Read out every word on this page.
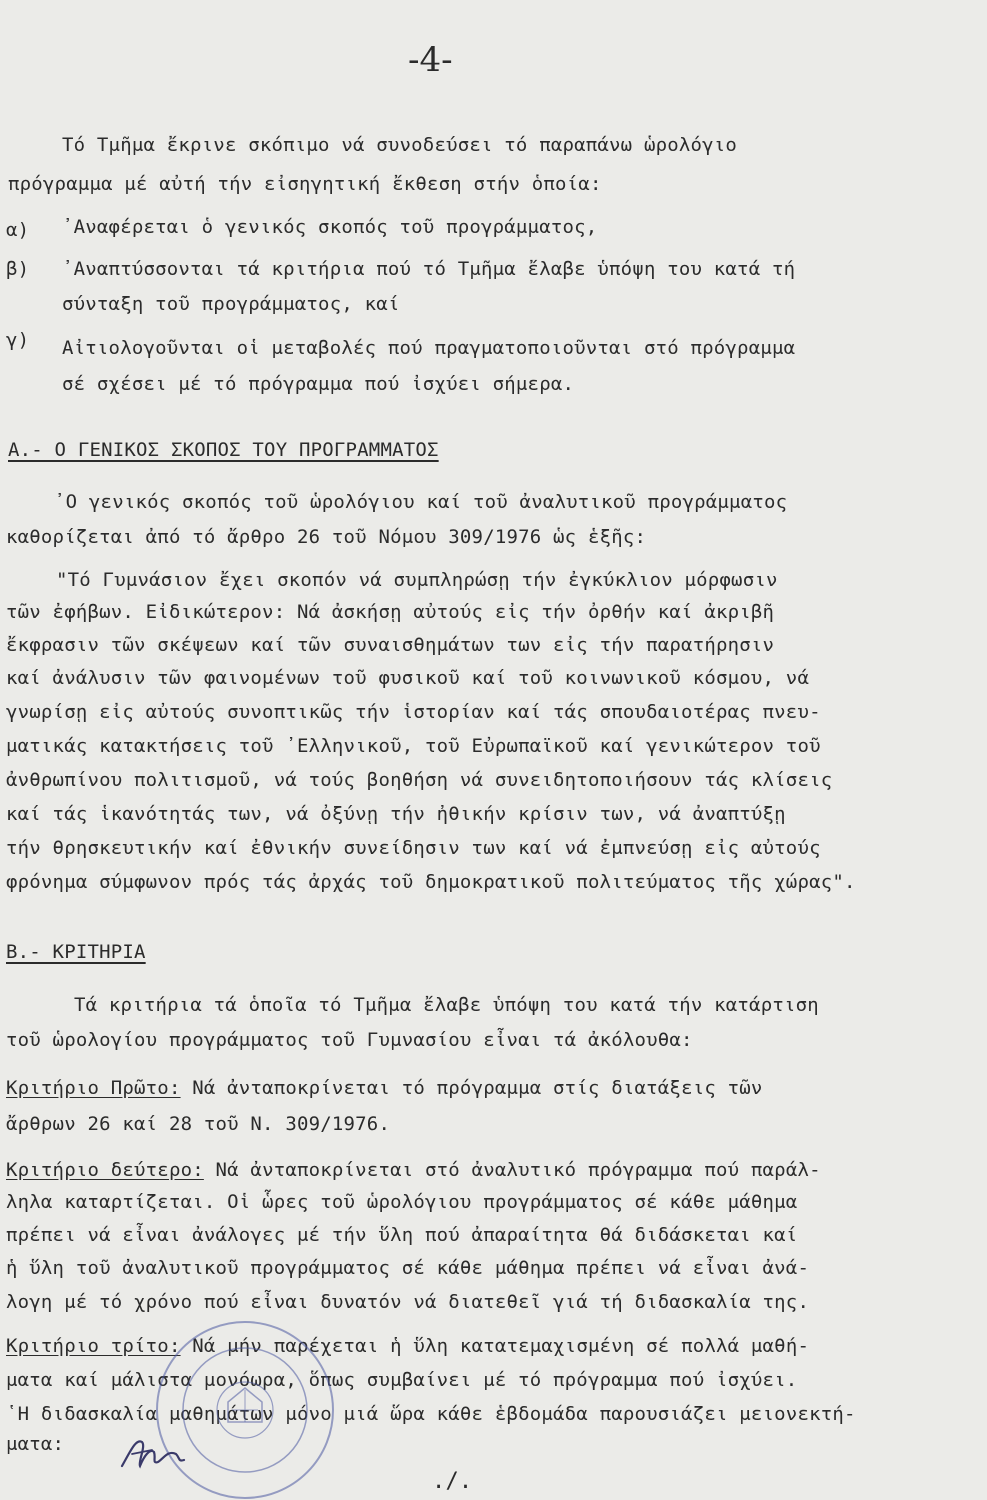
-4-
Τό Τμῆμα ἔκρινε σκόπιμο νά συνοδεύσει τό παραπάνω ὡρολόγιο
πρόγραμμα μέ αὐτή τήν εἰσηγητική ἔκθεση στήν ὁποία:
α) ᾿Αναφέρεται ὁ γενικός σκοπός τοῦ προγράμματος,
β) ᾿Αναπτύσσονται τά κριτήρια πού τό Τμῆμα ἔλαβε ὑπόψη του κατά τή
σύνταξη τοῦ προγράμματος, καί
γ) Αἰτιολογοῦνται οἱ μεταβολές πού πραγματοποιοῦνται στό πρόγραμμα
σέ σχέσει μέ τό πρόγραμμα πού ἰσχύει σήμερα.
Α.- Ο ΓΕΝΙΚΟΣ ΣΚΟΠΟΣ ΤΟΥ ΠΡΟΓΡΑΜΜΑΤΟΣ
᾿Ο γενικός σκοπός τοῦ ὡρολόγιου καί τοῦ ἀναλυτικοῦ προγράμματος
καθορίζεται ἀπό τό ἄρθρο 26 τοῦ Νόμου 309/1976 ὡς ἑξῆς:
"Τό Γυμνάσιον ἔχει σκοπόν νά συμπληρώσῃ τήν ἐγκύκλιον μόρφωσιν
τῶν ἐφήβων. Εἰδικώτερον: Νά ἀσκήσῃ αὐτούς εἰς τήν ὀρθήν καί ἀκριβῆ
ἔκφρασιν τῶν σκέψεων καί τῶν συναισθημάτων των εἰς τήν παρατήρησιν
καί ἀνάλυσιν τῶν φαινομένων τοῦ φυσικοῦ καί τοῦ κοινωνικοῦ κόσμου, νά
γνωρίσῃ εἰς αὐτούς συνοπτικῶς τήν ἱστορίαν καί τάς σπουδαιοτέρας πνευ-
ματικάς κατακτήσεις τοῦ ᾿Ελληνικοῦ, τοῦ Εὐρωπαϊκοῦ καί γενικώτερον τοῦ
ἀνθρωπίνου πολιτισμοῦ, νά τούς βοηθήση νά συνειδητοποιήσουν τάς κλίσεις
καί τάς ἱκανότητάς των, νά ὀξύνῃ τήν ἠθικήν κρίσιν των, νά ἀναπτύξῃ
τήν θρησκευτικήν καί ἐθνικήν συνείδησιν των καί νά ἐμπνεύσῃ εἰς αὐτούς
φρόνημα σύμφωνον πρός τάς ἀρχάς τοῦ δημοκρατικοῦ πολιτεύματος τῆς χώρας".
Β.- ΚΡΙΤΗΡΙΑ
Τά κριτήρια τά ὁποῖα τό Τμῆμα ἔλαβε ὑπόψη του κατά τήν κατάρτιση
τοῦ ὡρολογίου προγράμματος τοῦ Γυμνασίου εἶναι τά ἀκόλουθα:
Κριτήριο Πρῶτο: Νά ἀνταποκρίνεται τό πρόγραμμα στίς διατάξεις τῶν
ἄρθρων 26 καί 28 τοῦ Ν. 309/1976.
Κριτήριο δεύτερο: Νά ἀνταποκρίνεται στό ἀναλυτικό πρόγραμμα πού παράλ-
ληλα καταρτίζεται. Οἱ ὧρες τοῦ ὡρολόγιου προγράμματος σέ κάθε μάθημα
πρέπει νά εἶναι ἀνάλογες μέ τήν ὕλη πού ἀπαραίτητα θά διδάσκεται καί
ἡ ὕλη τοῦ ἀναλυτικοῦ προγράμματος σέ κάθε μάθημα πρέπει νά εἶναι ἀνά-
λογη μέ τό χρόνο πού εἶναι δυνατόν νά διατεθεῖ γιά τή διδασκαλία της.
Κριτήριο τρίτο: Νά μήν παρέχεται ἡ ὕλη κατατεμαχισμένη σέ πολλά μαθή-
ματα καί μάλιστα μονόωρα, ὅπως συμβαίνει μέ τό πρόγραμμα πού ἰσχύει.
῾Η διδασκαλία μαθημάτων μόνο μιά ὥρα κάθε ἑβδομάδα παρουσιάζει μειονεκτή-
ματα:
./.
